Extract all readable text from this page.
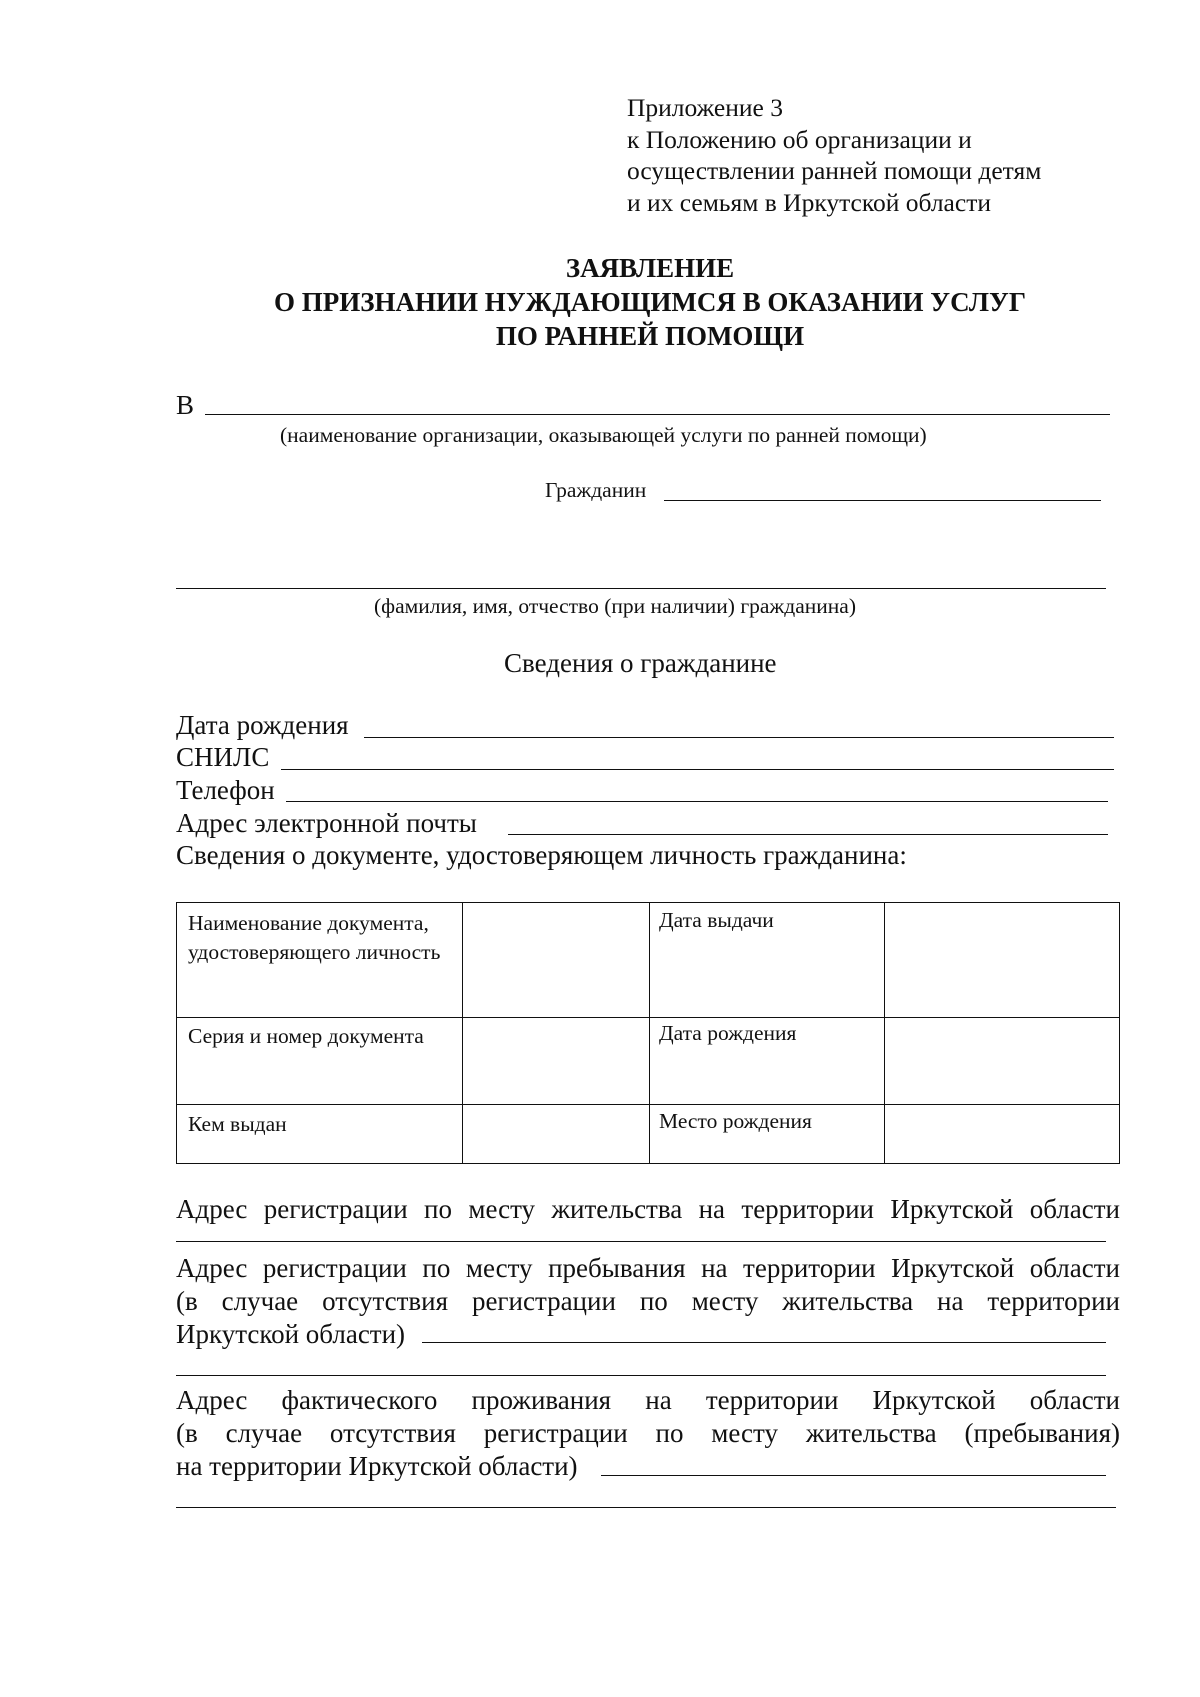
Приложение 3
к Положению об организации и
осуществлении ранней помощи детям
и их семьям в Иркутской области
ЗАЯВЛЕНИЕ
О ПРИЗНАНИИ НУЖДАЮЩИМСЯ В ОКАЗАНИИ УСЛУГ
ПО РАННЕЙ ПОМОЩИ
В
(наименование организации, оказывающей услуги по ранней помощи)
Гражданин
(фамилия, имя, отчество (при наличии) гражданина)
Сведения о гражданине
Дата рождения
СНИЛС
Телефон
Адрес электронной почты
Сведения о документе, удостоверяющем личность гражданина:
Наименование документа, удостоверяющего личность
Дата выдачи
Серия и номер документа	Дата рождения
Кем выдан	Место рождения
Адрес регистрации по месту жительства на территории Иркутской области
Адрес регистрации по месту пребывания на территории Иркутской области
(в случае отсутствия регистрации по месту жительства на территории
Иркутской области)
Адрес фактического проживания на территории Иркутской области
(в случае отсутствия регистрации по месту жительства (пребывания)
на территории Иркутской области)
